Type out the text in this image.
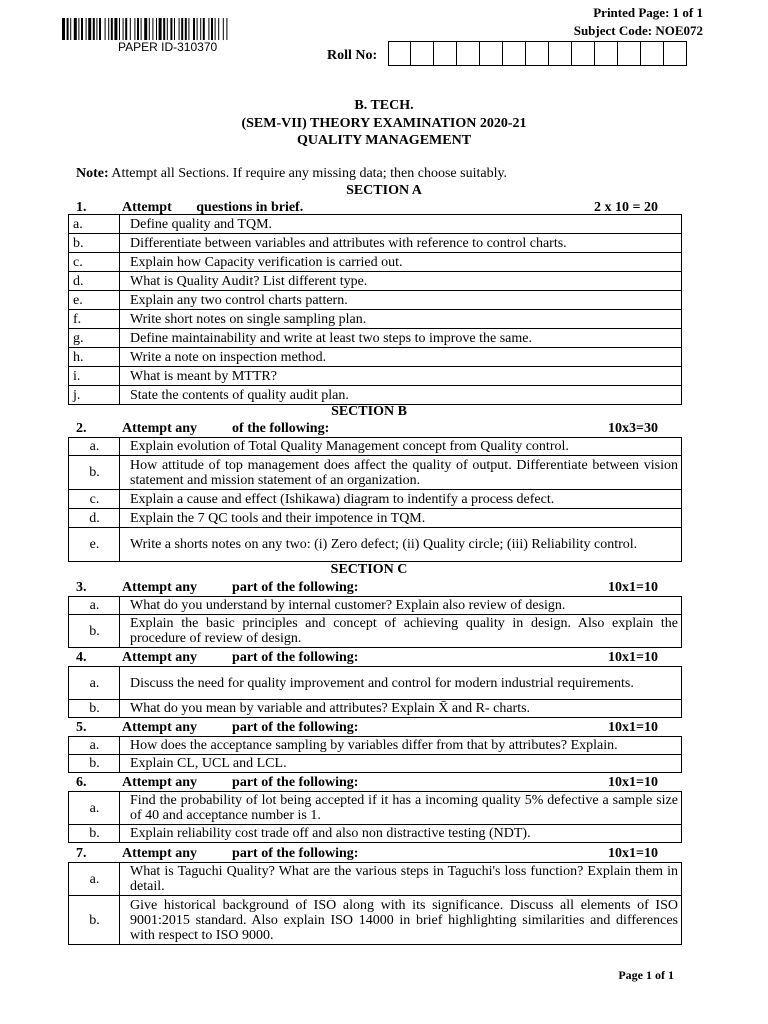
PAPER ID-310370
Printed Page: 1 of 1
Subject Code: NOE072
Roll No:
B. TECH.
(SEM-VII) THEORY EXAMINATION 2020-21
QUALITY MANAGEMENT
Note: Attempt all Sections. If require any missing data; then choose suitably.
SECTION A
1.	Attempt       questions in brief.	2 x 10 = 20
a.	Define quality and TQM.
b.	Differentiate between variables and attributes with reference to control charts.
c.	Explain how Capacity verification is carried out.
d.	What is Quality Audit? List different type.
e.	Explain any two control charts pattern.
f.	Write short notes on single sampling plan.
g.	Define maintainability and write at least two steps to improve the same.
h.	Write a note on inspection method.
i.	What is meant by MTTR?
j.	State the contents of quality audit plan.
SECTION B
2.	Attempt any          of the following:	10x3=30
a.	Explain evolution of Total Quality Management concept from Quality control.
b.	How attitude of top management does affect the quality of output. Differentiate between vision statement and mission statement of an organization.
c.	Explain a cause and effect (Ishikawa) diagram to indentify a process defect.
d.	Explain the 7 QC tools and their impotence in TQM.
e.	Write a shorts notes on any two: (i) Zero defect; (ii) Quality circle; (iii) Reliability control.
SECTION C
3.	Attempt any          part of the following:	10x1=10
a.	What do you understand by internal customer? Explain also review of design.
b.	Explain the basic principles and concept of achieving quality in design. Also explain the procedure of review of design.
4.	Attempt any          part of the following:	10x1=10
a.	Discuss the need for quality improvement and control for modern industrial requirements.
b.	What do you mean by variable and attributes? Explain X̄ and R- charts.
5.	Attempt any          part of the following:	10x1=10
a.	How does the acceptance sampling by variables differ from that by attributes? Explain.
b.	Explain CL, UCL and LCL.
6.	Attempt any          part of the following:	10x1=10
a.	Find the probability of lot being accepted if it has a incoming quality 5% defective a sample size of 40 and acceptance number is 1.
b.	Explain reliability cost trade off and also non distractive testing (NDT).
7.	Attempt any          part of the following:	10x1=10
a.	What is Taguchi Quality? What are the various steps in Taguchi's loss function? Explain them in detail.
b.	Give historical background of ISO along with its significance. Discuss all elements of ISO 9001:2015 standard. Also explain ISO 14000 in brief highlighting similarities and differences with respect to ISO 9000.
Page 1 of 1
